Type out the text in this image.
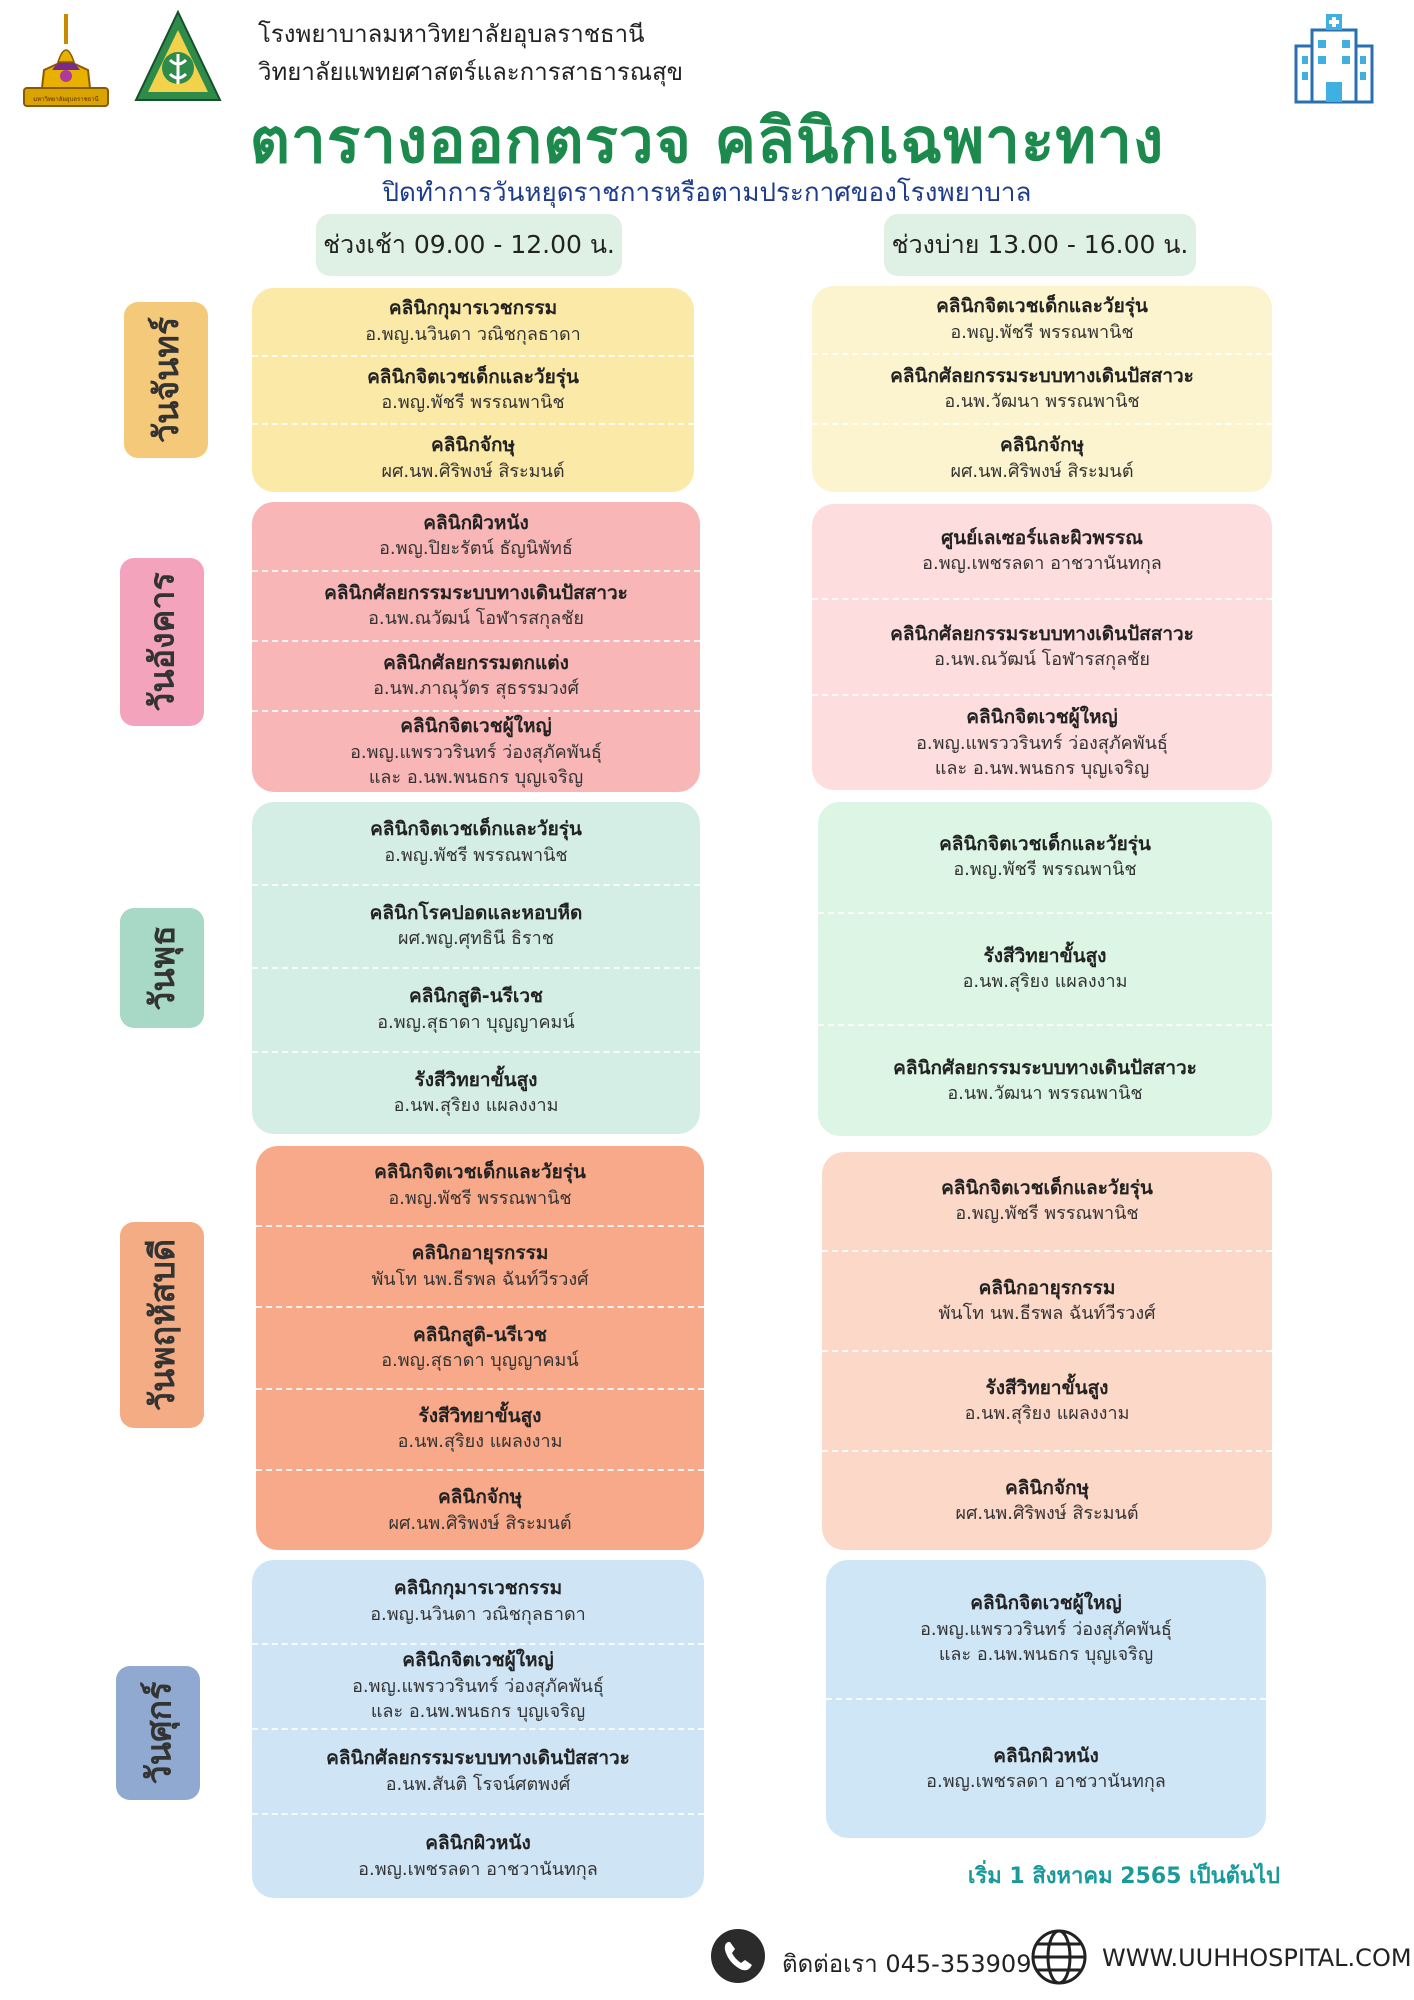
มหาวิทยาลัยอุบลราชธานี
โรงพยาบาลมหาวิทยาลัยอุบลราชธานี
วิทยาลัยแพทยศาสตร์และการสาธารณสุข
ตารางออกตรวจ คลินิกเฉพาะทาง
ปิดทำการวันหยุดราชการหรือตามประกาศของโรงพยาบาล
ช่วงเช้า 09.00 - 12.00 น.	ช่วงบ่าย 13.00 - 16.00 น.
วันจันทร์
คลินิกกุมารเวชกรรม
อ.พญ.นวินดา วณิชกุลธาดา
คลินิกจิตเวชเด็กและวัยรุ่น
อ.พญ.พัชรี พรรณพานิช
คลินิกจักษุ
ผศ.นพ.ศิริพงษ์ สิระมนต์
คลินิกจิตเวชเด็กและวัยรุ่น
อ.พญ.พัชรี พรรณพานิช
คลินิกศัลยกรรมระบบทางเดินปัสสาวะ
อ.นพ.วัฒนา พรรณพานิช
คลินิกจักษุ
ผศ.นพ.ศิริพงษ์ สิระมนต์
วันอังคาร
คลินิกผิวหนัง
อ.พญ.ปิยะรัตน์ ธัญนิพัทธ์
คลินิกศัลยกรรมระบบทางเดินปัสสาวะ
อ.นพ.ณวัฒน์ โอฬารสกุลชัย
คลินิกศัลยกรรมตกแต่ง
อ.นพ.ภาณุวัตร สุธรรมวงศ์
คลินิกจิตเวชผู้ใหญ่
อ.พญ.แพรววรินทร์ ว่องสุภัคพันธุ์
และ อ.นพ.พนธกร บุญเจริญ
ศูนย์เลเซอร์และผิวพรรณ
อ.พญ.เพชรลดา อาชวานันทกุล
คลินิกศัลยกรรมระบบทางเดินปัสสาวะ
อ.นพ.ณวัฒน์ โอฬารสกุลชัย
คลินิกจิตเวชผู้ใหญ่
อ.พญ.แพรววรินทร์ ว่องสุภัคพันธุ์
และ อ.นพ.พนธกร บุญเจริญ
วันพุธ
คลินิกจิตเวชเด็กและวัยรุ่น
อ.พญ.พัชรี พรรณพานิช
คลินิกโรคปอดและหอบหืด
ผศ.พญ.ศุทธินี ธิราช
คลินิกสูติ-นรีเวช
อ.พญ.สุธาดา บุญญาคมน์
รังสีวิทยาขั้นสูง
อ.นพ.สุริยง แผลงงาม
คลินิกจิตเวชเด็กและวัยรุ่น
อ.พญ.พัชรี พรรณพานิช
รังสีวิทยาขั้นสูง
อ.นพ.สุริยง แผลงงาม
คลินิกศัลยกรรมระบบทางเดินปัสสาวะ
อ.นพ.วัฒนา พรรณพานิช
วันพฤหัสบดี
คลินิกจิตเวชเด็กและวัยรุ่น
อ.พญ.พัชรี พรรณพานิช
คลินิกอายุรกรรม
พันโท นพ.ธีรพล ฉันท์วีรวงศ์
คลินิกสูติ-นรีเวช
อ.พญ.สุธาดา บุญญาคมน์
รังสีวิทยาขั้นสูง
อ.นพ.สุริยง แผลงงาม
คลินิกจักษุ
ผศ.นพ.ศิริพงษ์ สิระมนต์
คลินิกจิตเวชเด็กและวัยรุ่น
อ.พญ.พัชรี พรรณพานิช
คลินิกอายุรกรรม
พันโท นพ.ธีรพล ฉันท์วีรวงศ์
รังสีวิทยาขั้นสูง
อ.นพ.สุริยง แผลงงาม
คลินิกจักษุ
ผศ.นพ.ศิริพงษ์ สิระมนต์
วันศุกร์
คลินิกกุมารเวชกรรม
อ.พญ.นวินดา วณิชกุลธาดา
คลินิกจิตเวชผู้ใหญ่
อ.พญ.แพรววรินทร์ ว่องสุภัคพันธุ์
และ อ.นพ.พนธกร บุญเจริญ
คลินิกศัลยกรรมระบบทางเดินปัสสาวะ
อ.นพ.สันติ โรจน์ศตพงศ์
คลินิกผิวหนัง
อ.พญ.เพชรลดา อาชวานันทกุล
คลินิกจิตเวชผู้ใหญ่
อ.พญ.แพรววรินทร์ ว่องสุภัคพันธุ์
และ อ.นพ.พนธกร บุญเจริญ
คลินิกผิวหนัง
อ.พญ.เพชรลดา อาชวานันทกุล
เริ่ม 1 สิงหาคม 2565 เป็นต้นไป
ติดต่อเรา 045-353909	WWW.UUHHOSPITAL.COM
